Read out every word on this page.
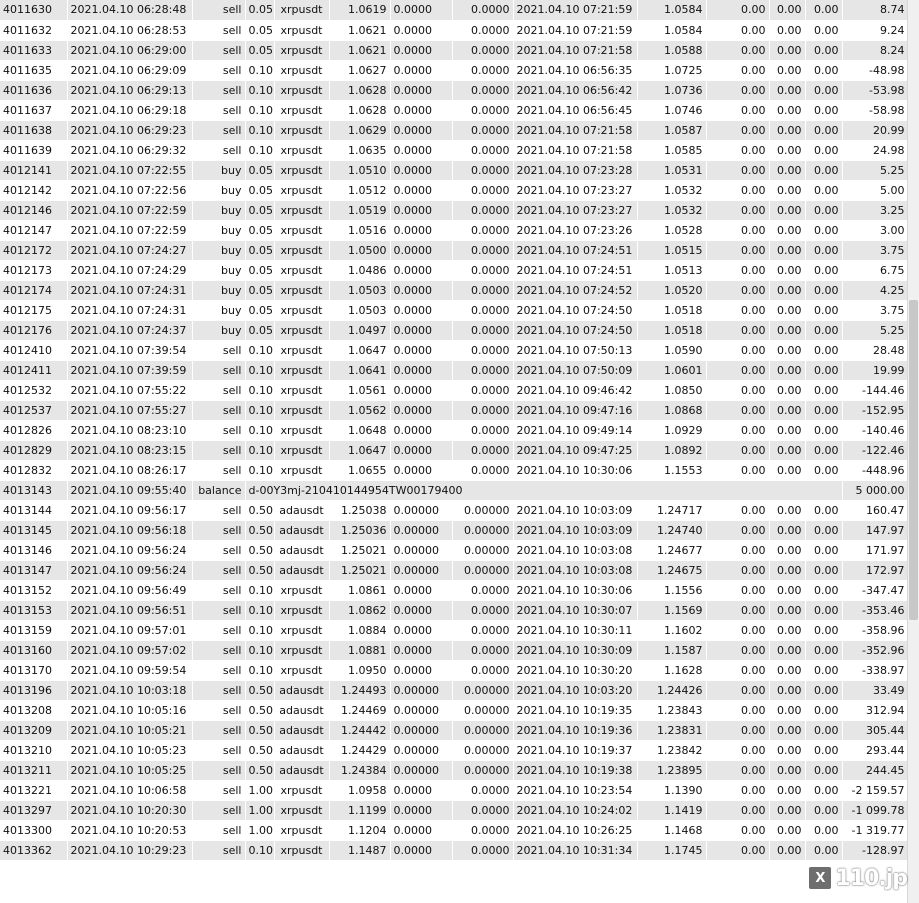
4011630	2021.04.10 06:28:48	sell	0.05	xrpusdt	1.0619	0.0000	0.0000	2021.04.10 07:21:59	1.0584	0.00	0.00	0.00	8.74
4011632	2021.04.10 06:28:53	sell	0.05	xrpusdt	1.0621	0.0000	0.0000	2021.04.10 07:21:59	1.0584	0.00	0.00	0.00	9.24
4011633	2021.04.10 06:29:00	sell	0.05	xrpusdt	1.0621	0.0000	0.0000	2021.04.10 07:21:58	1.0588	0.00	0.00	0.00	8.24
4011635	2021.04.10 06:29:09	sell	0.10	xrpusdt	1.0627	0.0000	0.0000	2021.04.10 06:56:35	1.0725	0.00	0.00	0.00	-48.98
4011636	2021.04.10 06:29:13	sell	0.10	xrpusdt	1.0628	0.0000	0.0000	2021.04.10 06:56:42	1.0736	0.00	0.00	0.00	-53.98
4011637	2021.04.10 06:29:18	sell	0.10	xrpusdt	1.0628	0.0000	0.0000	2021.04.10 06:56:45	1.0746	0.00	0.00	0.00	-58.98
4011638	2021.04.10 06:29:23	sell	0.10	xrpusdt	1.0629	0.0000	0.0000	2021.04.10 07:21:58	1.0587	0.00	0.00	0.00	20.99
4011639	2021.04.10 06:29:32	sell	0.10	xrpusdt	1.0635	0.0000	0.0000	2021.04.10 07:21:58	1.0585	0.00	0.00	0.00	24.98
4012141	2021.04.10 07:22:55	buy	0.05	xrpusdt	1.0510	0.0000	0.0000	2021.04.10 07:23:28	1.0531	0.00	0.00	0.00	5.25
4012142	2021.04.10 07:22:56	buy	0.05	xrpusdt	1.0512	0.0000	0.0000	2021.04.10 07:23:27	1.0532	0.00	0.00	0.00	5.00
4012146	2021.04.10 07:22:59	buy	0.05	xrpusdt	1.0519	0.0000	0.0000	2021.04.10 07:23:27	1.0532	0.00	0.00	0.00	3.25
4012147	2021.04.10 07:22:59	buy	0.05	xrpusdt	1.0516	0.0000	0.0000	2021.04.10 07:23:26	1.0528	0.00	0.00	0.00	3.00
4012172	2021.04.10 07:24:27	buy	0.05	xrpusdt	1.0500	0.0000	0.0000	2021.04.10 07:24:51	1.0515	0.00	0.00	0.00	3.75
4012173	2021.04.10 07:24:29	buy	0.05	xrpusdt	1.0486	0.0000	0.0000	2021.04.10 07:24:51	1.0513	0.00	0.00	0.00	6.75
4012174	2021.04.10 07:24:31	buy	0.05	xrpusdt	1.0503	0.0000	0.0000	2021.04.10 07:24:52	1.0520	0.00	0.00	0.00	4.25
4012175	2021.04.10 07:24:31	buy	0.05	xrpusdt	1.0503	0.0000	0.0000	2021.04.10 07:24:50	1.0518	0.00	0.00	0.00	3.75
4012176	2021.04.10 07:24:37	buy	0.05	xrpusdt	1.0497	0.0000	0.0000	2021.04.10 07:24:50	1.0518	0.00	0.00	0.00	5.25
4012410	2021.04.10 07:39:54	sell	0.10	xrpusdt	1.0647	0.0000	0.0000	2021.04.10 07:50:13	1.0590	0.00	0.00	0.00	28.48
4012411	2021.04.10 07:39:59	sell	0.10	xrpusdt	1.0641	0.0000	0.0000	2021.04.10 07:50:09	1.0601	0.00	0.00	0.00	19.99
4012532	2021.04.10 07:55:22	sell	0.10	xrpusdt	1.0561	0.0000	0.0000	2021.04.10 09:46:42	1.0850	0.00	0.00	0.00	-144.46
4012537	2021.04.10 07:55:27	sell	0.10	xrpusdt	1.0562	0.0000	0.0000	2021.04.10 09:47:16	1.0868	0.00	0.00	0.00	-152.95
4012826	2021.04.10 08:23:10	sell	0.10	xrpusdt	1.0648	0.0000	0.0000	2021.04.10 09:49:14	1.0929	0.00	0.00	0.00	-140.46
4012829	2021.04.10 08:23:15	sell	0.10	xrpusdt	1.0647	0.0000	0.0000	2021.04.10 09:47:25	1.0892	0.00	0.00	0.00	-122.46
4012832	2021.04.10 08:26:17	sell	0.10	xrpusdt	1.0655	0.0000	0.0000	2021.04.10 10:30:06	1.1553	0.00	0.00	0.00	-448.96
4013143	2021.04.10 09:55:40	balance	d-00Y3mj-210410144954TW00179400										5 000.00
4013144	2021.04.10 09:56:17	sell	0.50	adausdt	1.25038	0.00000	0.00000	2021.04.10 10:03:09	1.24717	0.00	0.00	0.00	160.47
4013145	2021.04.10 09:56:18	sell	0.50	adausdt	1.25036	0.00000	0.00000	2021.04.10 10:03:09	1.24740	0.00	0.00	0.00	147.97
4013146	2021.04.10 09:56:24	sell	0.50	adausdt	1.25021	0.00000	0.00000	2021.04.10 10:03:08	1.24677	0.00	0.00	0.00	171.97
4013147	2021.04.10 09:56:24	sell	0.50	adausdt	1.25021	0.00000	0.00000	2021.04.10 10:03:08	1.24675	0.00	0.00	0.00	172.97
4013152	2021.04.10 09:56:49	sell	0.10	xrpusdt	1.0861	0.0000	0.0000	2021.04.10 10:30:06	1.1556	0.00	0.00	0.00	-347.47
4013153	2021.04.10 09:56:51	sell	0.10	xrpusdt	1.0862	0.0000	0.0000	2021.04.10 10:30:07	1.1569	0.00	0.00	0.00	-353.46
4013159	2021.04.10 09:57:01	sell	0.10	xrpusdt	1.0884	0.0000	0.0000	2021.04.10 10:30:11	1.1602	0.00	0.00	0.00	-358.96
4013160	2021.04.10 09:57:02	sell	0.10	xrpusdt	1.0881	0.0000	0.0000	2021.04.10 10:30:09	1.1587	0.00	0.00	0.00	-352.96
4013170	2021.04.10 09:59:54	sell	0.10	xrpusdt	1.0950	0.0000	0.0000	2021.04.10 10:30:20	1.1628	0.00	0.00	0.00	-338.97
4013196	2021.04.10 10:03:18	sell	0.50	adausdt	1.24493	0.00000	0.00000	2021.04.10 10:03:20	1.24426	0.00	0.00	0.00	33.49
4013208	2021.04.10 10:05:16	sell	0.50	adausdt	1.24469	0.00000	0.00000	2021.04.10 10:19:35	1.23843	0.00	0.00	0.00	312.94
4013209	2021.04.10 10:05:21	sell	0.50	adausdt	1.24442	0.00000	0.00000	2021.04.10 10:19:36	1.23831	0.00	0.00	0.00	305.44
4013210	2021.04.10 10:05:23	sell	0.50	adausdt	1.24429	0.00000	0.00000	2021.04.10 10:19:37	1.23842	0.00	0.00	0.00	293.44
4013211	2021.04.10 10:05:25	sell	0.50	adausdt	1.24384	0.00000	0.00000	2021.04.10 10:19:38	1.23895	0.00	0.00	0.00	244.45
4013221	2021.04.10 10:06:58	sell	1.00	xrpusdt	1.0958	0.0000	0.0000	2021.04.10 10:23:54	1.1390	0.00	0.00	0.00	-2 159.57
4013297	2021.04.10 10:20:30	sell	1.00	xrpusdt	1.1199	0.0000	0.0000	2021.04.10 10:24:02	1.1419	0.00	0.00	0.00	-1 099.78
4013300	2021.04.10 10:20:53	sell	1.00	xrpusdt	1.1204	0.0000	0.0000	2021.04.10 10:26:25	1.1468	0.00	0.00	0.00	-1 319.77
4013362	2021.04.10 10:29:23	sell	0.10	xrpusdt	1.1487	0.0000	0.0000	2021.04.10 10:31:34	1.1745	0.00	0.00	0.00	-128.97
X 110.jp
